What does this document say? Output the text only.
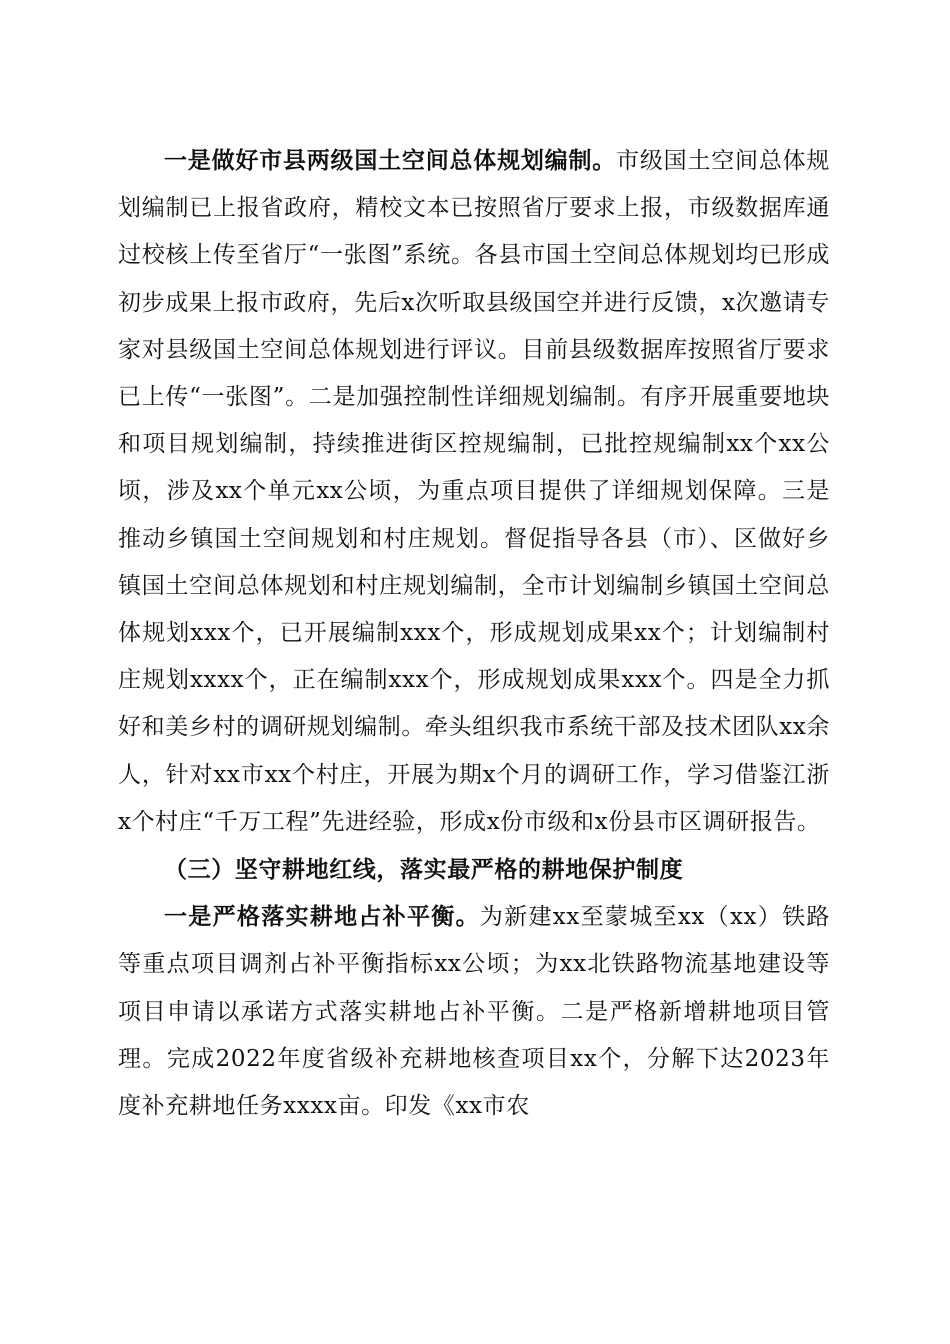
一是做好市县两级国土空间总体规划编制。市级国土空间总体规划编制已上报省政府，精校文本已按照省厅要求上报，市级数据库通过校核上传至省厅“一张图”系统。各县市国土空间总体规划均已形成初步成果上报市政府，先后x次听取县级国空并进行反馈，x次邀请专家对县级国土空间总体规划进行评议。目前县级数据库按照省厅要求已上传“一张图”。二是加强控制性详细规划编制。有序开展重要地块和项目规划编制，持续推进街区控规编制，已批控规编制xx个xx公顷，涉及xx个单元xx公顷，为重点项目提供了详细规划保障。三是推动乡镇国土空间规划和村庄规划。督促指导各县（市）、区做好乡镇国土空间总体规划和村庄规划编制，全市计划编制乡镇国土空间总体规划xxx个，已开展编制xxx个，形成规划成果xx个；计划编制村庄规划xxxx个，正在编制xxx个，形成规划成果xxx个。四是全力抓好和美乡村的调研规划编制。牵头组织我市系统干部及技术团队xx余人，针对xx市xx个村庄，开展为期x个月的调研工作，学习借鉴江浙x个村庄“千万工程”先进经验，形成x份市级和x份县市区调研报告。

（三）坚守耕地红线，落实最严格的耕地保护制度

一是严格落实耕地占补平衡。为新建xx至蒙城至xx（xx）铁路等重点项目调剂占补平衡指标xx公顷；为xx北铁路物流基地建设等项目申请以承诺方式落实耕地占补平衡。二是严格新增耕地项目管理。完成2022年度省级补充耕地核查项目xx个，分解下达2023年度补充耕地任务xxxx亩。印发《xx市农
